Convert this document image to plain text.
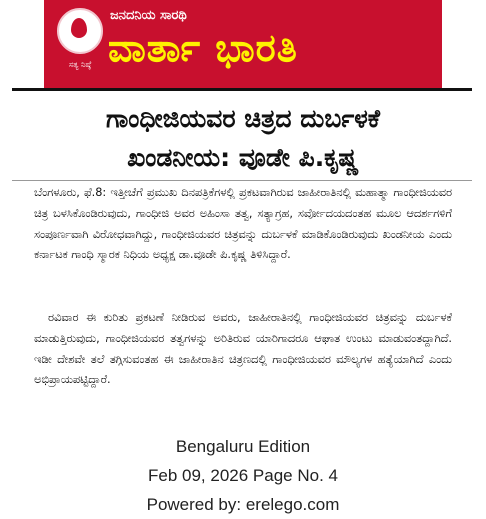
ಸತ್ಯ ನಿಷ್ಠೆ
ಜನದನಿಯ ಸಾರಥಿ
ವಾರ್ತಾ ಭಾರತಿ
ಗಾಂಧೀಜಿಯವರ ಚಿತ್ರದ ದುರ್ಬಳಕೆ
ಖಂಡನೀಯ: ವೂಡೇ ಪಿ.ಕೃಷ್ಣ
ಬೆಂಗಳೂರು, ಫೆ.8: ಇತ್ತೀಚೆಗೆ ಪ್ರಮುಖ ದಿನಪತ್ರಿಕೆಗಳಲ್ಲಿ ಪ್ರಕಟವಾಗಿರುವ ಜಾಹೀರಾತಿನಲ್ಲಿ ಮಹಾತ್ಮಾ ಗಾಂಧೀಜಿಯವರ ಚಿತ್ರ ಬಳಸಿಕೊಂಡಿರುವುದು, ಗಾಂಧೀಜಿ ಅವರ ಅಹಿಂಸಾ ತತ್ವ, ಸತ್ಯಾಗ್ರಹ, ಸರ್ವೋದಯದಂತಹ ಮೂಲ ಆದರ್ಶಗಳಿಗೆ ಸಂಪೂರ್ಣವಾಗಿ ವಿರೋಧವಾಗಿದ್ದು, ಗಾಂಧೀಜಿಯವರ ಚಿತ್ರವನ್ನು ದುರ್ಬಳಕೆ ಮಾಡಿಕೊಂಡಿರುವುದು ಖಂಡನೀಯ ಎಂದು ಕರ್ನಾಟಕ ಗಾಂಧಿ ಸ್ಮಾರಕ ನಿಧಿಯ ಅಧ್ಯಕ್ಷ ಡಾ.ವೂಡೇ ಪಿ.ಕೃಷ್ಣ ತಿಳಿಸಿದ್ದಾರೆ.
ರವಿವಾರ ಈ ಕುರಿತು ಪ್ರಕಟಣೆ ನೀಡಿರುವ ಅವರು, ಜಾಹೀರಾತಿನಲ್ಲಿ ಗಾಂಧೀಜಿಯವರ ಚಿತ್ರವನ್ನು ದುರ್ಬಳಕೆ ಮಾಡುತ್ತಿರುವುದು, ಗಾಂಧೀಜಿಯವರ ತತ್ವಗಳನ್ನು ಅರಿತಿರುವ ಯಾರಿಗಾದರೂ ಆಘಾತ ಉಂಟು ಮಾಡುವಂತದ್ದಾಗಿದೆ. ಇಡೀ ದೇಶವೇ ತಲೆ ತಗ್ಗಿಸುವಂತಹ ಈ ಜಾಹೀರಾತಿನ ಚಿತ್ರಣದಲ್ಲಿ ಗಾಂಧೀಜಿಯವರ ಮೌಲ್ಯಗಳ ಹತ್ಯೆಯಾಗಿದೆ ಎಂದು ಅಭಿಪ್ರಾಯಪಟ್ಟಿದ್ದಾರೆ.
Bengaluru Edition
Feb 09, 2026 Page No. 4
Powered by: erelego.com
